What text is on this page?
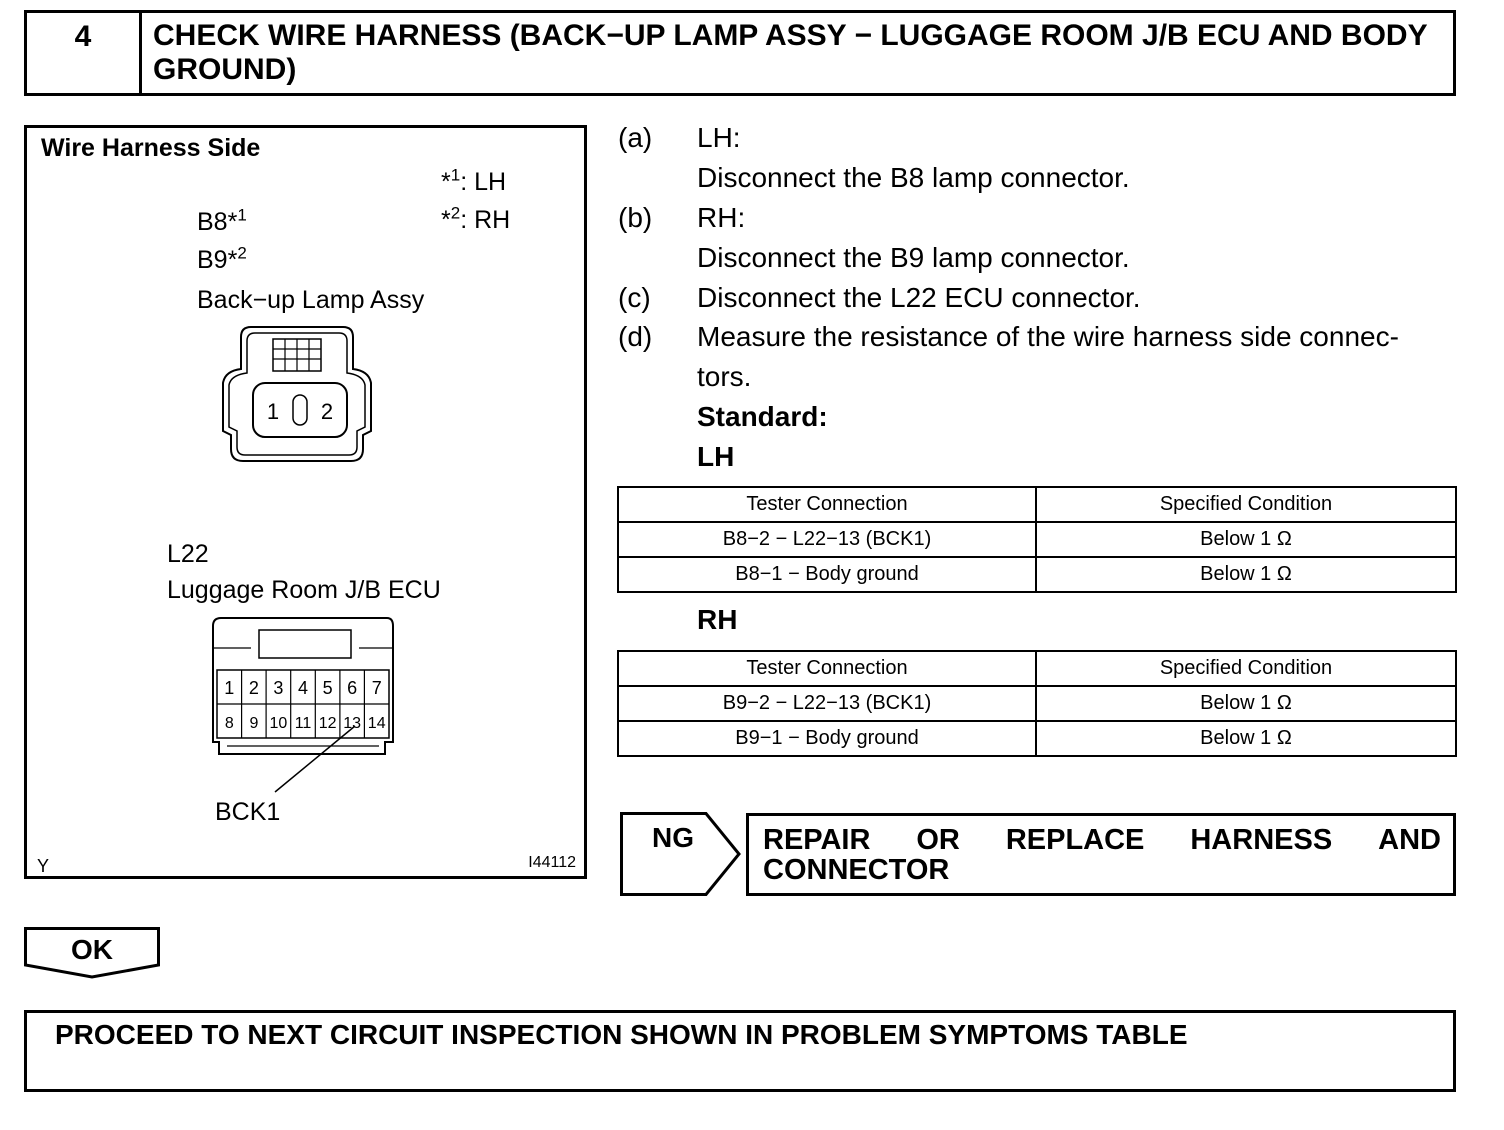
4	CHECK WIRE HARNESS (BACK−UP LAMP ASSY − LUGGAGE ROOM J/B ECU AND BODY GROUND)
Wire Harness Side
*$^1$: LH
*$^2$: RH
B8*$^1$
B9*$^2$
Back−up Lamp Assy
1 2
L22
Luggage Room J/B ECU
1 2 3 4 5 6 7
8 9 10 11 12 13 14
BCK1
Y	I44112
(a) LH:
Disconnect the B8 lamp connector.
(b) RH:
Disconnect the B9 lamp connector.
(c) Disconnect the L22 ECU connector.
(d) Measure the resistance of the wire harness side connec-
tors.
Standard:
LH
Tester Connection	Specified Condition
B8−2 − L22−13 (BCK1)	Below 1 Ω
B8−1 − Body ground	Below 1 Ω
RH
Tester Connection	Specified Condition
B9−2 − L22−13 (BCK1)	Below 1 Ω
B9−1 − Body ground	Below 1 Ω
NG REPAIR OR REPLACE HARNESS AND
CONNECTOR
OK
PROCEED TO NEXT CIRCUIT INSPECTION SHOWN IN PROBLEM SYMPTOMS TABLE
